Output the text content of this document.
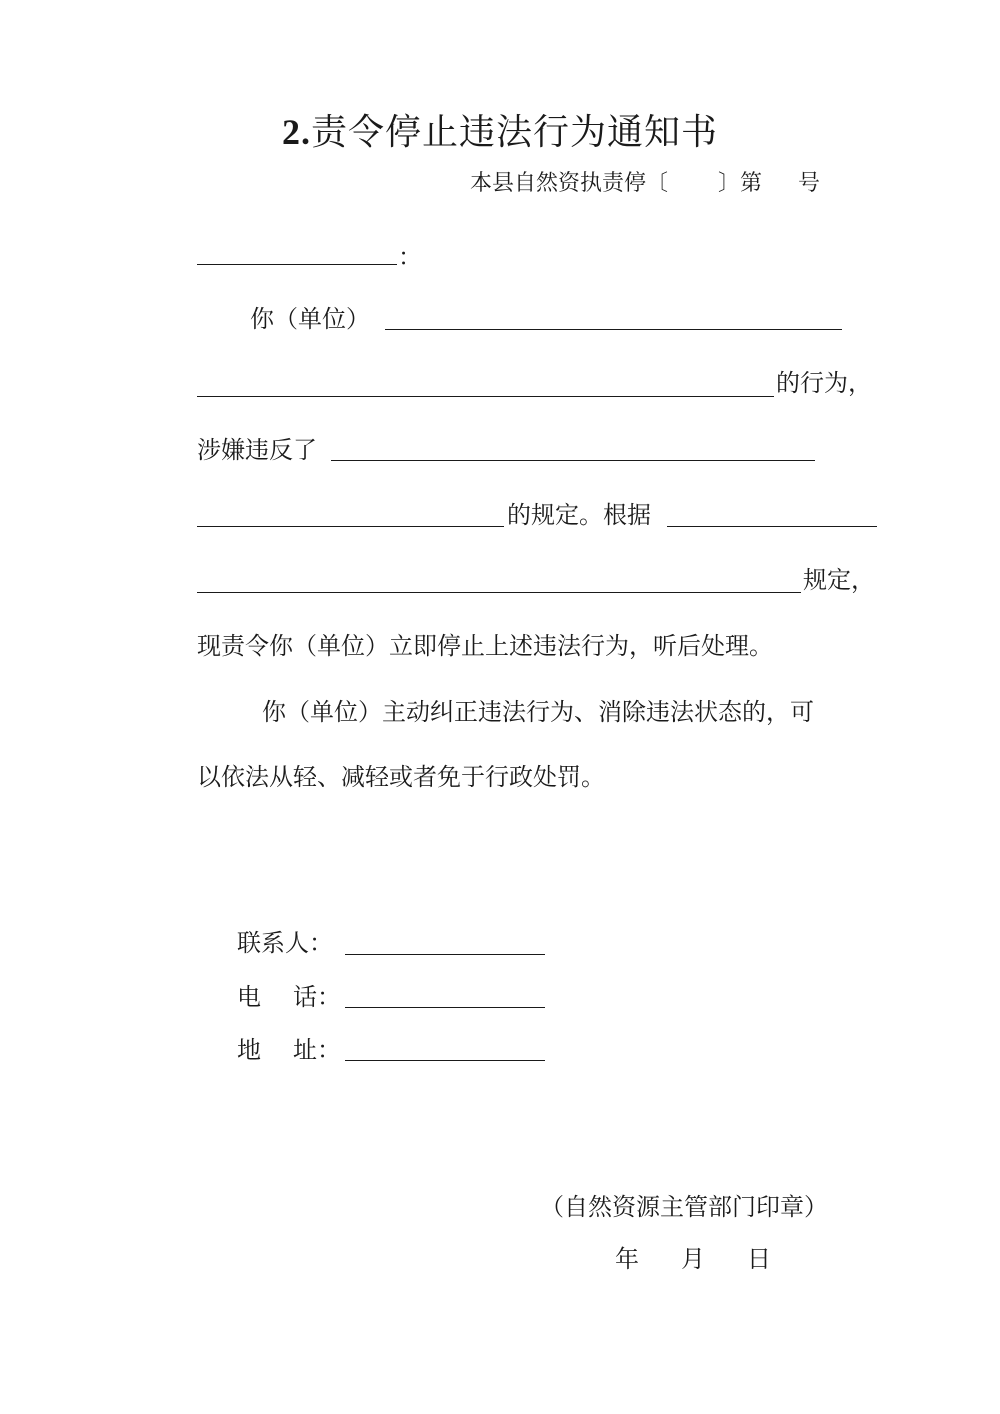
2.责令停止违法行为通知书
本县自然资执责停〔 〕第 号
：
你（单位）
的行为，
涉嫌违反了
的规定。根据
规定，
现责令你（单位）立即停止上述违法行为，听后处理。
你（单位）主动纠正违法行为、消除违法状态的，可
以依法从轻、减轻或者免于行政处罚。
联系人：
电 话：
地 址：
（自然资源主管部门印章）
年 月 日
